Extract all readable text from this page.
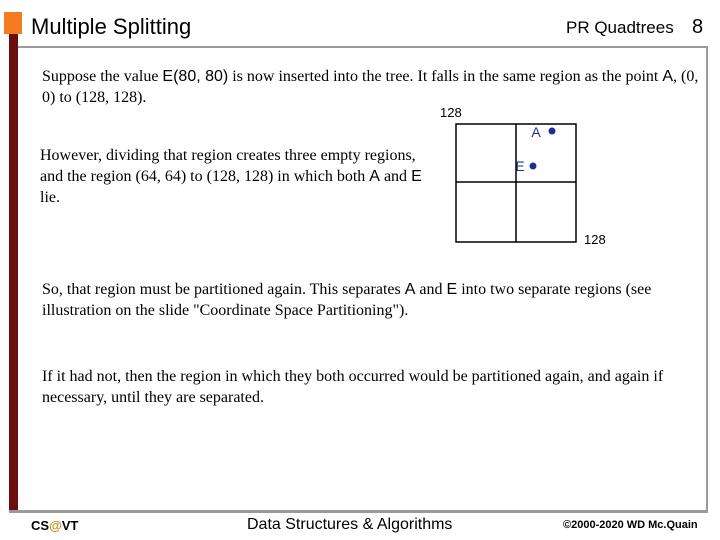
Multiple Splitting	PR Quadtrees 8
Suppose the value E(80, 80) is now inserted into the tree. It falls in the same region as the point A, (0, 0) to (128, 128).
However, dividing that region creates three empty regions, and the region (64, 64) to (128, 128) in which both A and E lie.
128
A
E
128
So, that region must be partitioned again. This separates A and E into two separate regions (see illustration on the slide "Coordinate Space Partitioning").
If it had not, then the region in which they both occurred would be partitioned again, and again if necessary, until they are separated.
CS@VT	Data Structures & Algorithms	©2000-2020 WD Mc.Quain
